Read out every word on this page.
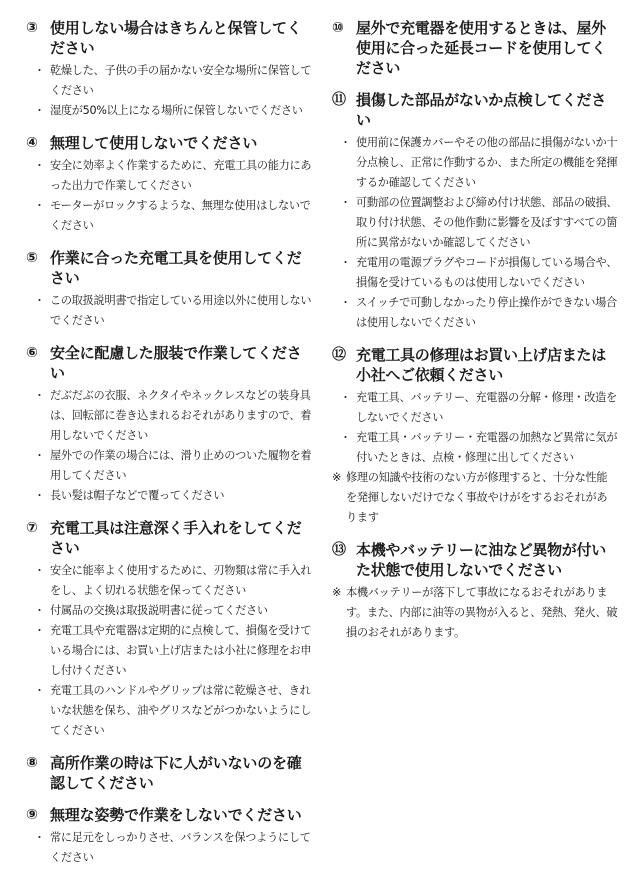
③ 使用しない場合はきちんと保管してください
・ 乾燥した、子供の手の届かない安全な場所に保管してください
・ 湿度が50%以上になる場所に保管しないでください
④ 無理して使用しないでください
・ 安全に効率よく作業するために、充電工具の能力にあった出力で作業してください
・ モーターがロックするような、無理な使用はしないでください
⑤ 作業に合った充電工具を使用してください
・ この取扱説明書で指定している用途以外に使用しないでください
⑥ 安全に配慮した服装で作業してください
・ だぶだぶの衣服、ネクタイやネックレスなどの装身具は、回転部に巻き込まれるおそれがありますので、着用しないでください
・ 屋外での作業の場合には、滑り止めのついた履物を着用してください
・ 長い髪は帽子などで覆ってください
⑦ 充電工具は注意深く手入れをしてください
・ 安全に能率よく使用するために、刃物類は常に手入れをし、よく切れる状態を保ってください
・ 付属品の交換は取扱説明書に従ってください
・ 充電工具や充電器は定期的に点検して、損傷を受けている場合には、お買い上げ店または小社に修理をお申し付けください
・ 充電工具のハンドルやグリップは常に乾燥させ、きれいな状態を保ち、油やグリスなどがつかないようにしてください
⑧ 高所作業の時は下に人がいないのを確認してください
⑨ 無理な姿勢で作業をしないでください
・ 常に足元をしっかりさせ、バランスを保つようにしてください
⑩ 屋外で充電器を使用するときは、屋外使用に合った延長コードを使用してください
⑪ 損傷した部品がないか点検してください
・ 使用前に保護カバーやその他の部品に損傷がないか十分点検し、正常に作動するか、また所定の機能を発揮するか確認してください
・ 可動部の位置調整および締め付け状態、部品の破損、取り付け状態、その他作動に影響を及ぼすすべての箇所に異常がないか確認してください
・ 充電用の電源プラグやコードが損傷している場合や、損傷を受けているものは使用しないでください
・ スイッチで可動しなかったり停止操作ができない場合は使用しないでください
⑫ 充電工具の修理はお買い上げ店または小社へご依頼ください
・ 充電工具、バッテリー、充電器の分解・修理・改造をしないでください
・ 充電工具・バッテリー・充電器の加熱など異常に気が付いたときは、点検・修理に出してください
※ 修理の知識や技術のない方が修理すると、十分な性能を発揮しないだけでなく事故やけがをするおそれがあります
⑬ 本機やバッテリーに油など異物が付いた状態で使用しないでください
※ 本機バッテリーが落下して事故になるおそれがあります。また、内部に油等の異物が入ると、発熱、発火、破損のおそれがあります。
